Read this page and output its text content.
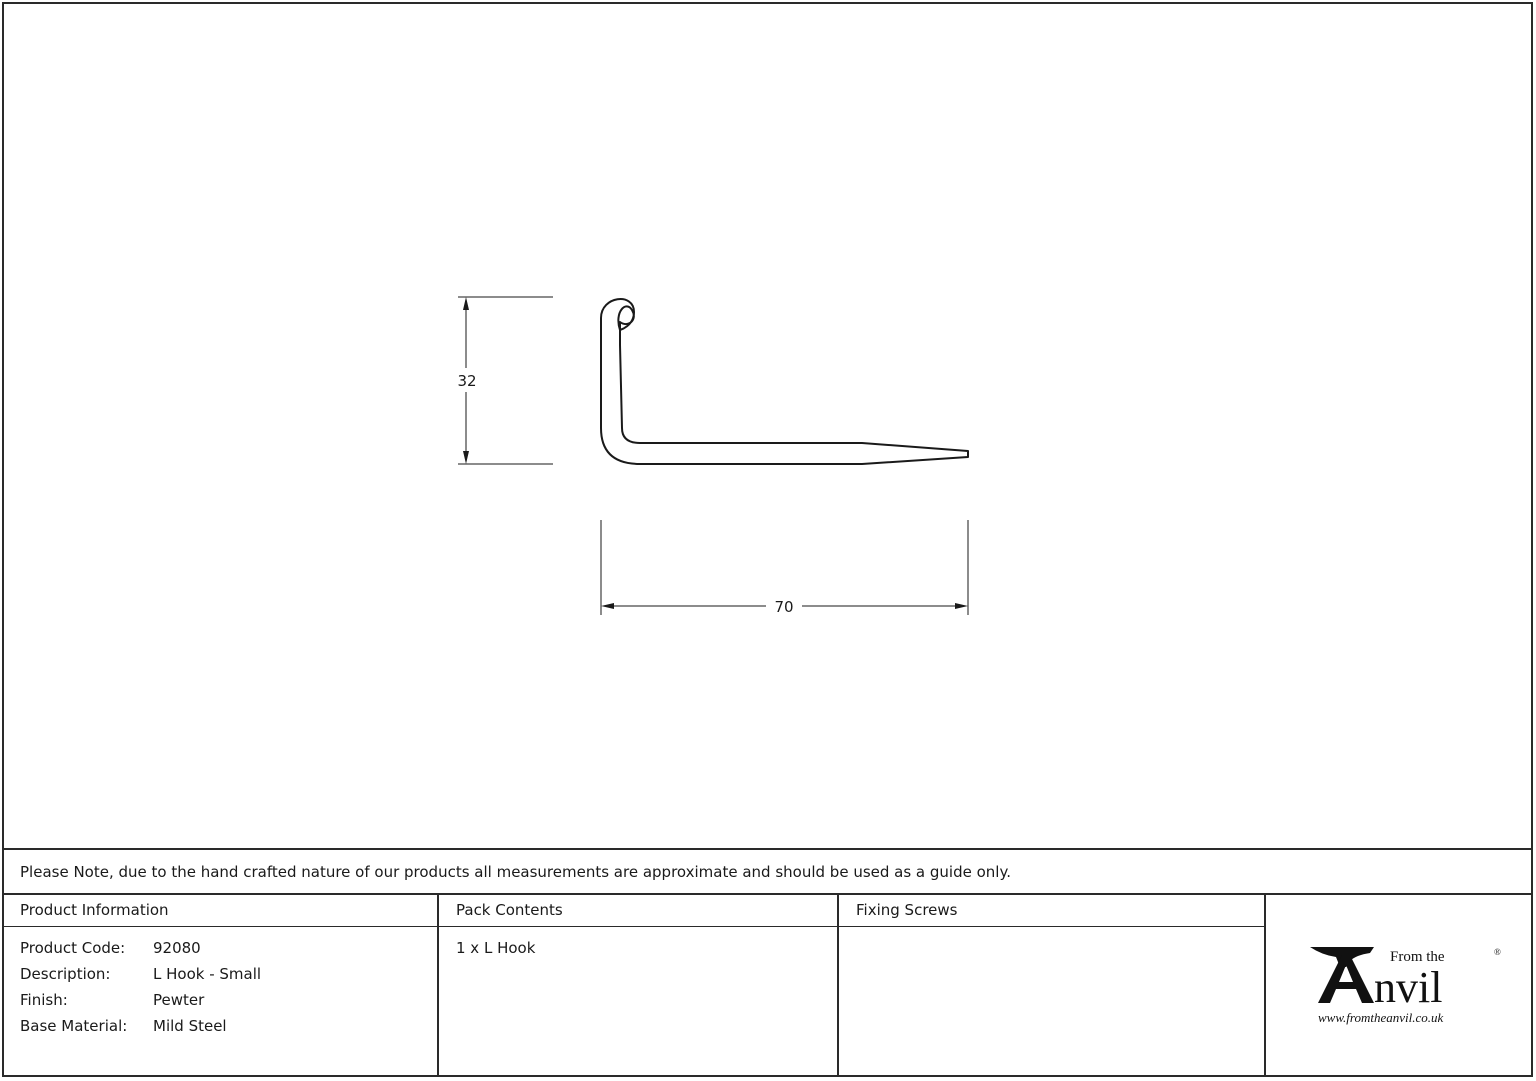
32
70
Please Note, due to the hand crafted nature of our products all measurements are approximate and should be used as a guide only.
Product Information
Product Code:	92080
Description:	L Hook - Small
Finish:	Pewter
Base Material:	Mild Steel
Pack Contents
1 x L Hook
Fixing Screws
From the	®
nvil
www.fromtheanvil.co.uk
